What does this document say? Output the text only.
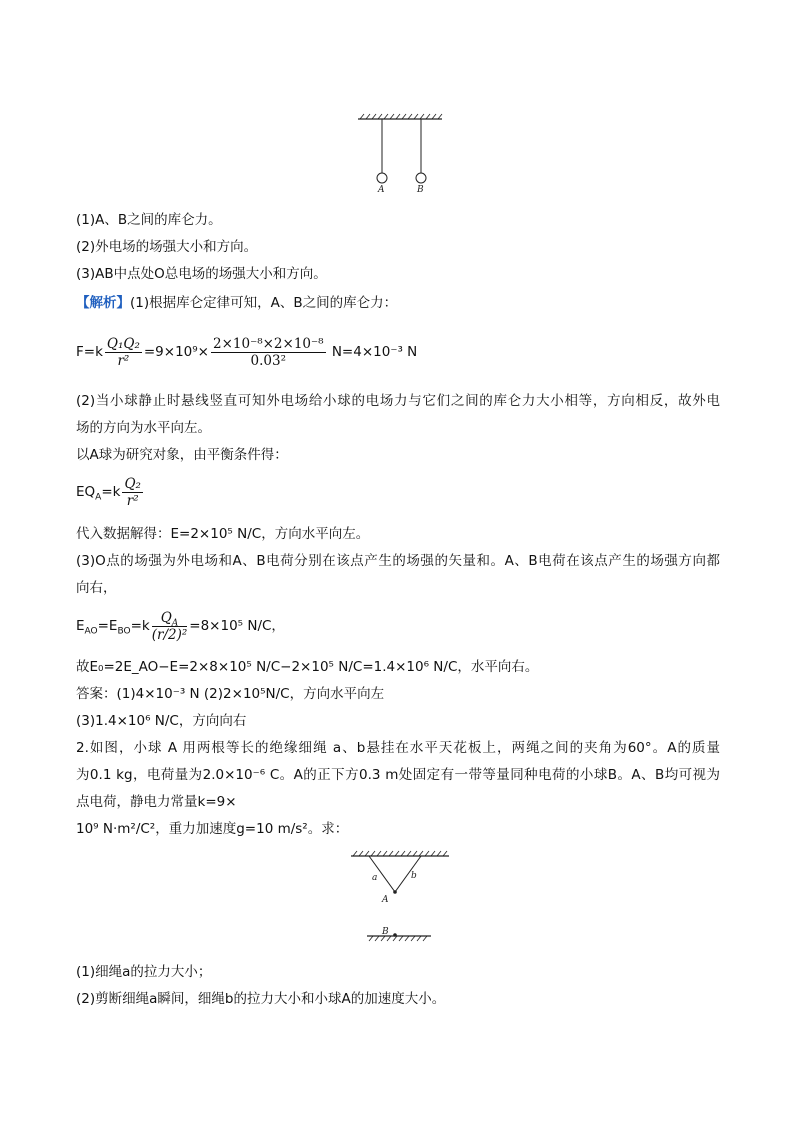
A	B
(1)A、B之间的库仑力。
(2)外电场的场强大小和方向。
(3)AB中点处O总电场的场强大小和方向。
【解析】(1)根据库仑定律可知，A、B之间的库仑力：
$F=k \frac{\text{Q₁Q₂}}{\text{r²}} =9\times 10^9\times \frac{\text{2×10⁻⁸×2×10⁻⁸}}{\text{0.03²}} N=4\times 10^{-3}$ N
(2)当小球静止时悬线竖直可知外电场给小球的电场力与它们之间的库仑力大小相等，方向相反，故外电
场的方向为水平向左。
以A球为研究对象，由平衡条件得：
$EQ_A=k \frac{\text{Q₂}}{\text{r²}}$
代入数据解得：E=2×10⁵ N/C，方向水平向左。
(3)O点的场强为外电场和A、B电荷分别在该点产生的场强的矢量和。A、B电荷在该点产生的场强方向都
向右，
$E_{AO}=E_{BO}=k \frac{Q_A}{\text{(r/2)²}} =8\times 10^5$ N/C，
故E₀=2E_AO−E=2×8×10⁵ N/C−2×10⁵ N/C=1.4×10⁶ N/C，水平向右。
答案：(1)4×10⁻³ N (2)2×10⁵N/C，方向水平向左
(3)1.4×10⁶ N/C，方向向右
2.如图，小球 A 用两根等长的绝缘细绳 a、b悬挂在水平天花板上，两绳之间的夹角为60°。A的质量
为0.1 kg，电荷量为2.0×10⁻⁶ C。A的正下方0.3 m处固定有一带等量同种电荷的小球B。A、B均可视为
点电荷，静电力常量k=9×
10⁹ N·m²/C²，重力加速度g=10 m/s²。求：
a	b
A
B
(1)细绳a的拉力大小；
(2)剪断细绳a瞬间，细绳b的拉力大小和小球A的加速度大小。
